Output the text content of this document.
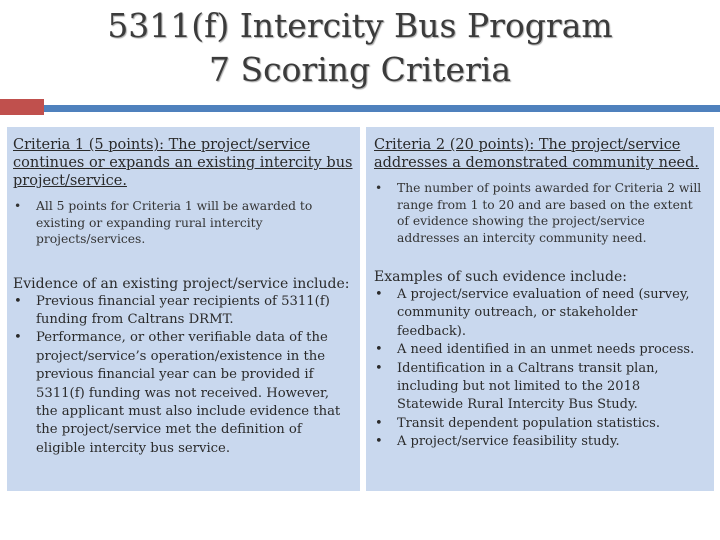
5311(f) Intercity Bus Program
7 Scoring Criteria

Criteria 1 (5 points): The project/service continues or expands an existing intercity bus project/service.

• All 5 points for Criteria 1 will be awarded to existing or expanding rural intercity projects/services.

Evidence of an existing project/service include:

• Previous financial year recipients of 5311(f) funding from Caltrans DRMT.
• Performance, or other verifiable data of the project/service’s operation/existence in the previous financial year can be provided if 5311(f) funding was not received. However, the applicant must also include evidence that the project/service met the definition of eligible intercity bus service.

Criteria 2 (20 points): The project/service addresses a demonstrated community need.

• The number of points awarded for Criteria 2 will range from 1 to 20 and are based on the extent of evidence showing the project/service addresses an intercity community need.

Examples of such evidence include:

• A project/service evaluation of need (survey, community outreach, or stakeholder feedback).
• A need identified in an unmet needs process.
• Identification in a Caltrans transit plan, including but not limited to the 2018 Statewide Rural Intercity Bus Study.
• Transit dependent population statistics.
• A project/service feasibility study.
